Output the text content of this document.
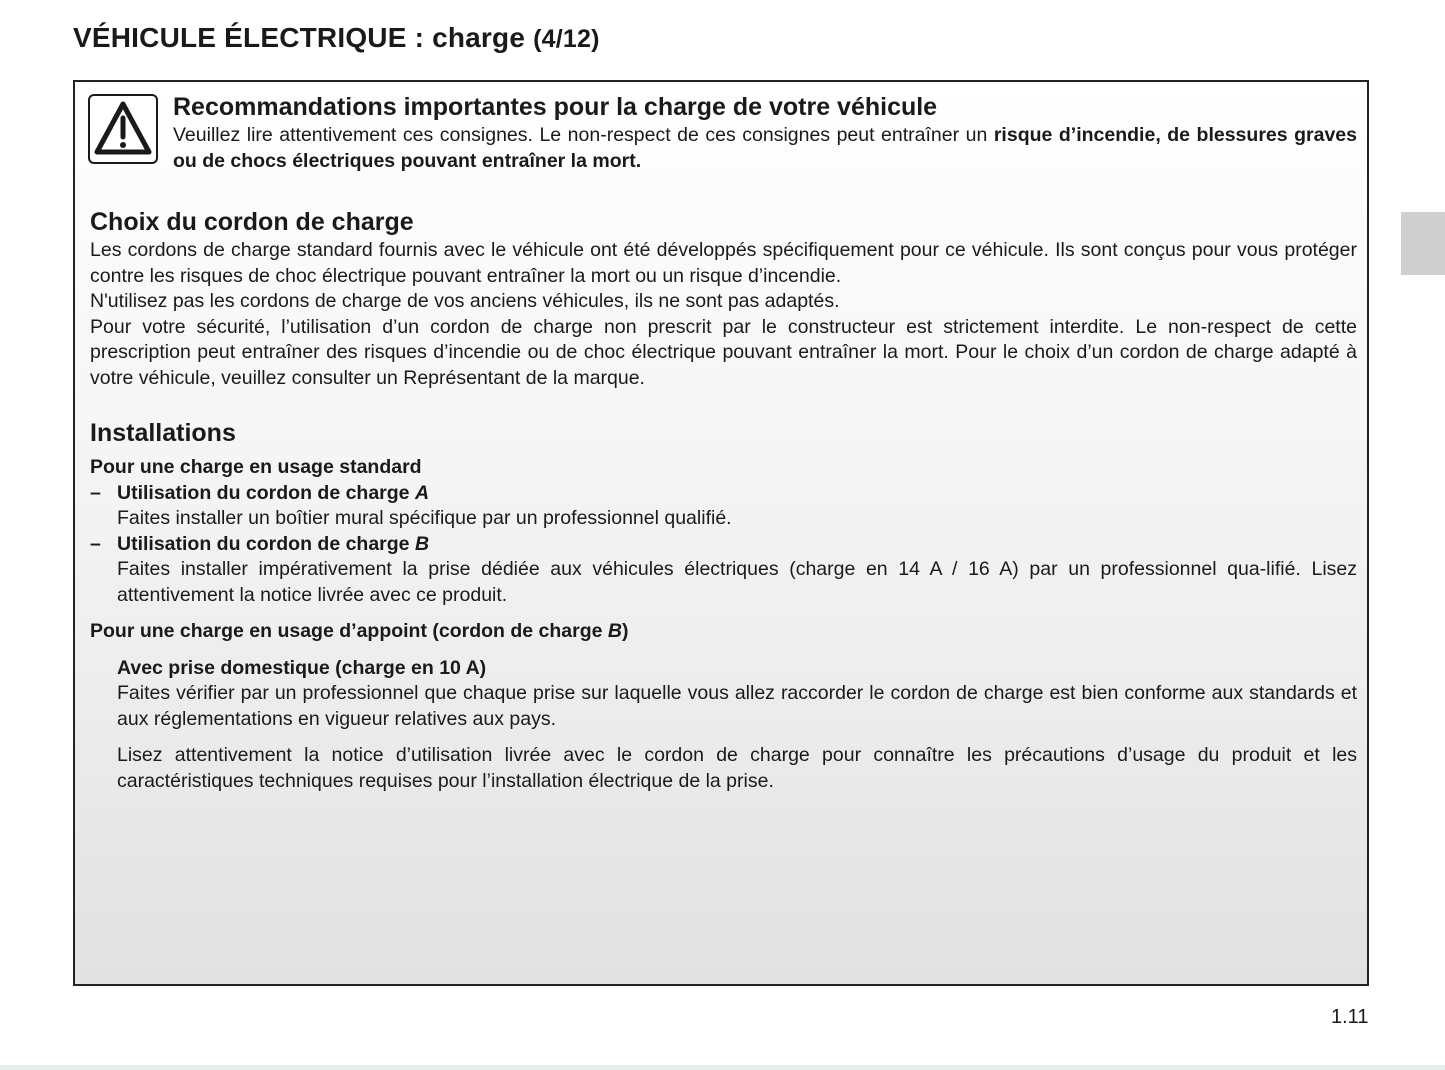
VÉHICULE ÉLECTRIQUE : charge (4/12)
Recommandations importantes pour la charge de votre véhicule
Veuillez lire attentivement ces consignes. Le non-respect de ces consignes peut entraîner un risque d’incendie, de blessures graves ou de chocs électriques pouvant entraîner la mort.
Choix du cordon de charge
Les cordons de charge standard fournis avec le véhicule ont été développés spécifiquement pour ce véhicule. Ils sont conçus pour vous protéger contre les risques de choc électrique pouvant entraîner la mort ou un risque d’incendie.
N'utilisez pas les cordons de charge de vos anciens véhicules, ils ne sont pas adaptés.
Pour votre sécurité, l’utilisation d’un cordon de charge non prescrit par le constructeur est strictement interdite. Le non-respect de cette prescription peut entraîner des risques d’incendie ou de choc électrique pouvant entraîner la mort. Pour le choix d’un cordon de charge adapté à votre véhicule, veuillez consulter un Représentant de la marque.
Installations
Pour une charge en usage standard
– Utilisation du cordon de charge A
Faites installer un boîtier mural spécifique par un professionnel qualifié.
– Utilisation du cordon de charge B
Faites installer impérativement la prise dédiée aux véhicules électriques (charge en 14 A / 16 A) par un professionnel qua-lifié. Lisez attentivement la notice livrée avec ce produit.
Pour une charge en usage d’appoint (cordon de charge B)
Avec prise domestique (charge en 10 A)
Faites vérifier par un professionnel que chaque prise sur laquelle vous allez raccorder le cordon de charge est bien conforme aux standards et aux réglementations en vigueur relatives aux pays.
Lisez attentivement la notice d’utilisation livrée avec le cordon de charge pour connaître les précautions d’usage du produit et les caractéristiques techniques requises pour l’installation électrique de la prise.
1.11
